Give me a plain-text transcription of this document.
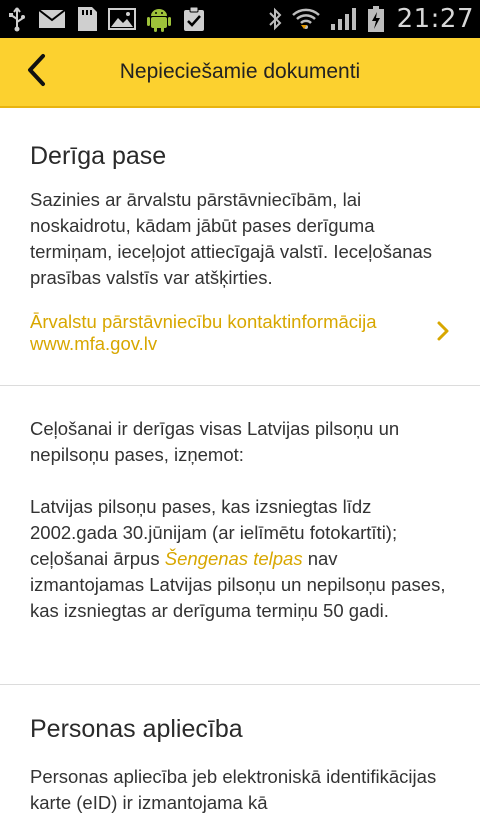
21:27
Nepieciešamie dokumenti
Derīga pase

Sazinies ar ārvalstu pārstāvniecībām, lai noskaidrotu, kādam jābūt pases derīguma termiņam, ieceļojot attiecīgajā valstī. Ieceļošanas prasības valstīs var atšķirties.

Ārvalstu pārstāvniecību kontaktinformācija
www.mfa.gov.lv

Ceļošanai ir derīgas visas Latvijas pilsoņu un nepilsoņu pases, izņemot:

Latvijas pilsoņu pases, kas izsniegtas līdz 2002.gada 30.jūnijam (ar ielīmētu fotokartīti); ceļošanai ārpus Šengenas telpas nav izmantojamas Latvijas pilsoņu un nepilsoņu pases, kas izsniegtas ar derīguma termiņu 50 gadi.

Personas apliecība

Personas apliecība jeb elektroniskā identifikācijas karte (eID) ir izmantojama kā
